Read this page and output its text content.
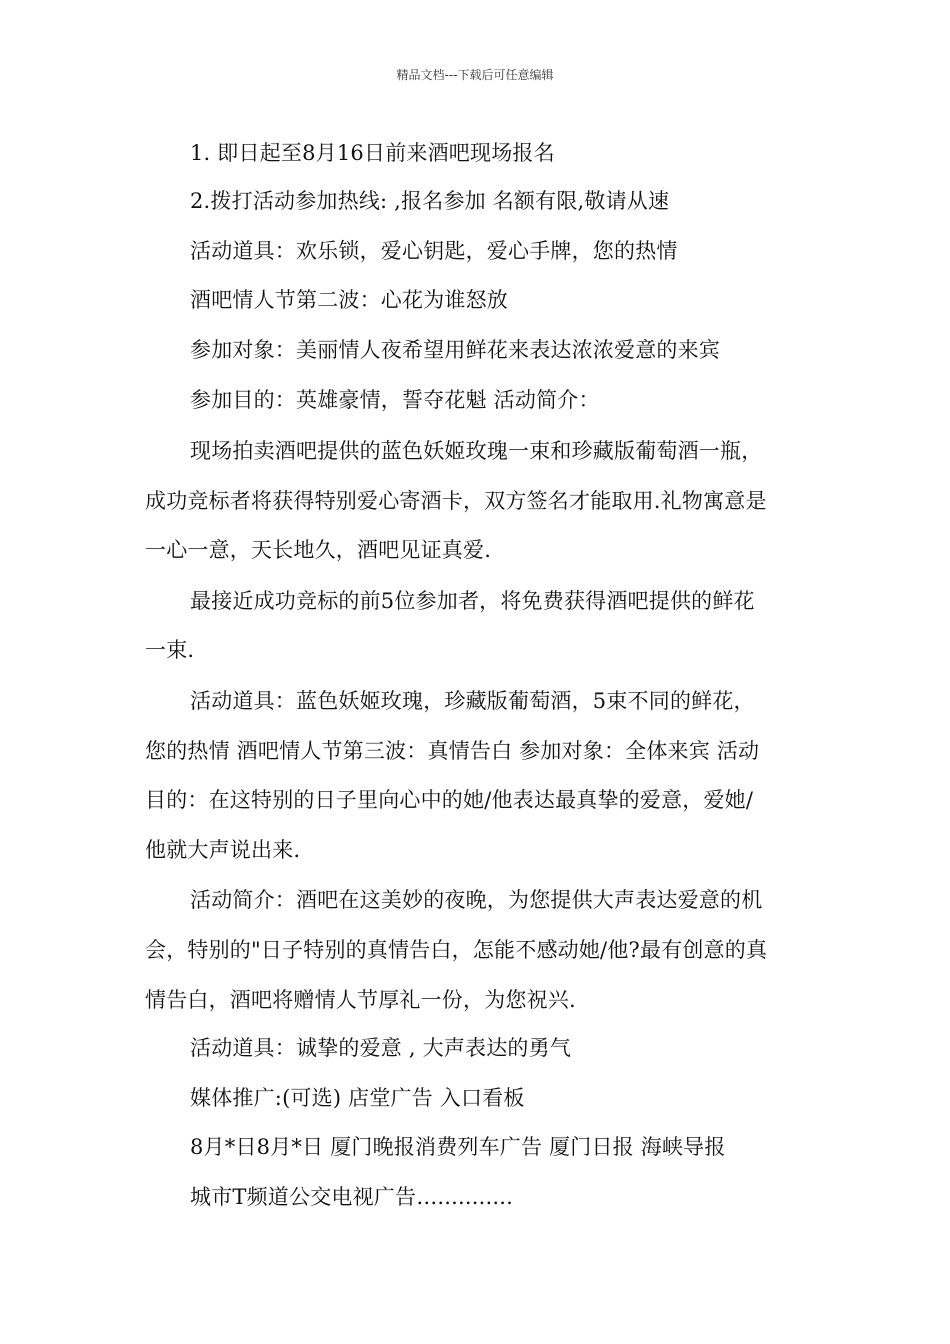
精品文档---下载后可任意编辑
1. 即日起至8月16日前来酒吧现场报名
2.拨打活动参加热线: ,报名参加 名额有限,敬请从速
活动道具：欢乐锁，爱心钥匙，爱心手牌，您的热情
酒吧情人节第二波：心花为谁怒放
参加对象：美丽情人夜希望用鲜花来表达浓浓爱意的来宾
参加目的：英雄豪情，誓夺花魁 活动简介：
现场拍卖酒吧提供的蓝色妖姬玫瑰一束和珍藏版葡萄酒一瓶，
成功竞标者将获得特别爱心寄酒卡，双方签名才能取用.礼物寓意是
一心一意，天长地久，酒吧见证真爱.
最接近成功竞标的前5位参加者，将免费获得酒吧提供的鲜花
一束.
活动道具：蓝色妖姬玫瑰，珍藏版葡萄酒，5束不同的鲜花，
您的热情 酒吧情人节第三波：真情告白 参加对象：全体来宾 活动
目的：在这特别的日子里向心中的她/他表达最真挚的爱意，爱她/
他就大声说出来.
活动简介：酒吧在这美妙的夜晚，为您提供大声表达爱意的机
会，特别的"日子特别的真情告白，怎能不感动她/他?最有创意的真
情告白，酒吧将赠情人节厚礼一份，为您祝兴.
活动道具：诚挚的爱意 , 大声表达的勇气
媒体推广:(可选) 店堂广告 入口看板
8月*日8月*日 厦门晚报消费列车广告 厦门日报 海峡导报
城市T频道公交电视广告…...........
